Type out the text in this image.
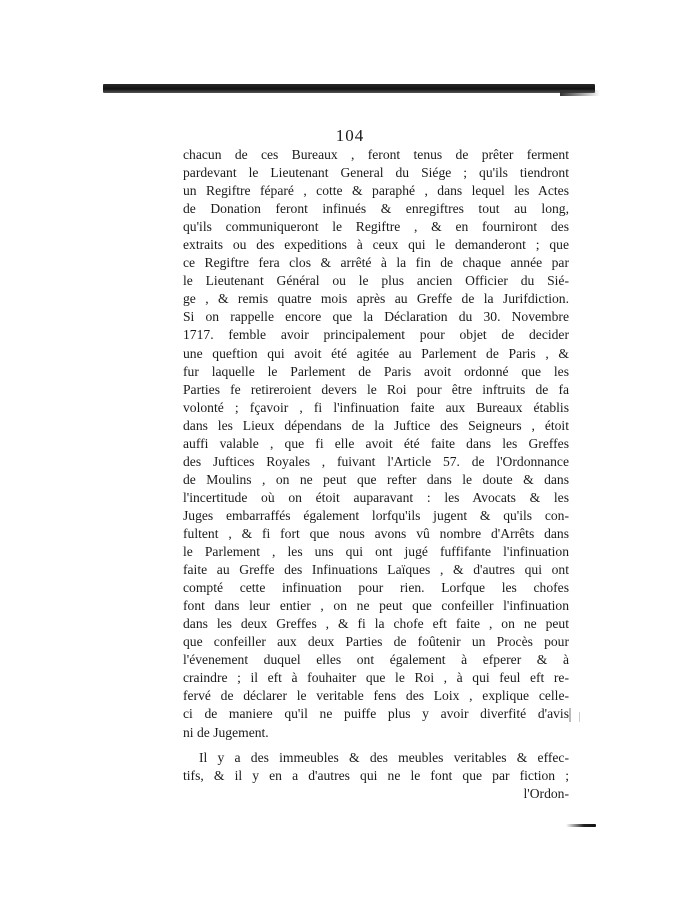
104
chacun de ces Bureaux , feront tenus de prêter ferment
pardevant le Lieutenant General du Siége ; qu'ils tiendront
un Regiftre féparé , cotte & paraphé , dans lequel les Actes
de Donation feront infinués & enregiftres tout au long,
qu'ils communiqueront le Regiftre , & en fourniront des
extraits ou des expeditions à ceux qui le demanderont ; que
ce Regiftre fera clos & arrêté à la fin de chaque année par
le Lieutenant Général ou le plus ancien Officier du Sié-
ge , & remis quatre mois après au Greffe de la Jurifdiction.
Si on rappelle encore que la Déclaration du 30. Novembre
1717. femble avoir principalement pour objet de decider
une queftion qui avoit été agitée au Parlement de Paris , &
fur laquelle le Parlement de Paris avoit ordonné que les
Parties fe retireroient devers le Roi pour être inftruits de fa
volonté ; fçavoir , fi l'infinuation faite aux Bureaux établis
dans les Lieux dépendans de la Juftice des Seigneurs , étoit
auffi valable , que fi elle avoit été faite dans les Greffes
des Juftices Royales , fuivant l'Article 57. de l'Ordonnance
de Moulins , on ne peut que refter dans le doute & dans
l'incertitude où on étoit auparavant : les Avocats & les
Juges embarraffés également lorfqu'ils jugent & qu'ils con-
fultent , & fi fort que nous avons vû nombre d'Arrêts dans
le Parlement , les uns qui ont jugé fuffifante l'infinuation
faite au Greffe des Infinuations Laïques , & d'autres qui ont
compté cette infinuation pour rien. Lorfque les chofes
font dans leur entier , on ne peut que confeiller l'infinuation
dans les deux Greffes , & fi la chofe eft faite , on ne peut
que confeiller aux deux Parties de foûtenir un Procès pour
l'évenement duquel elles ont également à efperer & à
craindre ; il eft à fouhaiter que le Roi , à qui feul eft re-
fervé de déclarer le veritable fens des Loix , explique celle-
ci de maniere qu'il ne puiffe plus y avoir diverfité d'avis
ni de Jugement.
Il y a des immeubles & des meubles veritables & effec-
tifs, & il y en a d'autres qui ne le font que par fiction ;
l'Ordon-
